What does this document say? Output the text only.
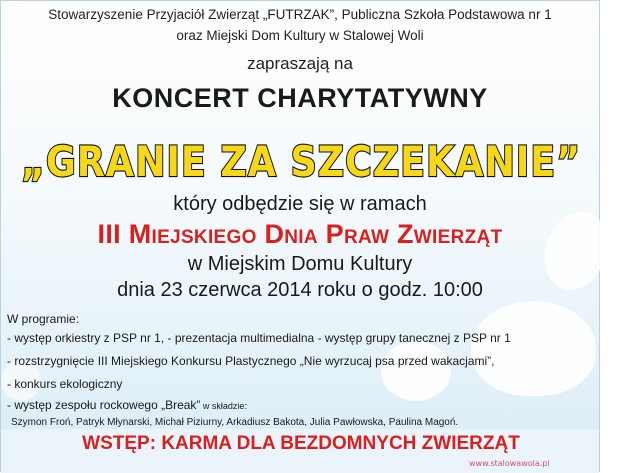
Stowarzyszenie Przyjaciół Zwierząt „FUTRZAK”, Publiczna Szkoła Podstawowa nr 1
oraz Miejski Dom Kultury w Stalowej Woli
zapraszają na
KONCERT CHARYTATYWNY
„GRANIE ZA SZCZEKANIE”
który odbędzie się w ramach
III Miejskiego Dnia Praw Zwierząt
w Miejskim Domu Kultury
dnia 23 czerwca 2014 roku o godz. 10:00
W programie:
- występ orkiestry z PSP nr 1, - prezentacja multimedialna - występ grupy tanecznej z PSP nr 1
- rozstrzygnięcie III Miejskiego Konkursu Plastycznego „Nie wyrzucaj psa przed wakacjami”,
- konkurs ekologiczny
- występ zespołu rockowego „Break” w składzie:
Szymon Froń, Patryk Młynarski, Michał Piziurny, Arkadiusz Bakota, Julia Pawłowska, Paulina Magoń.
WSTĘP: KARMA DLA BEZDOMNYCH ZWIERZĄT
www.stalowawola.pl
